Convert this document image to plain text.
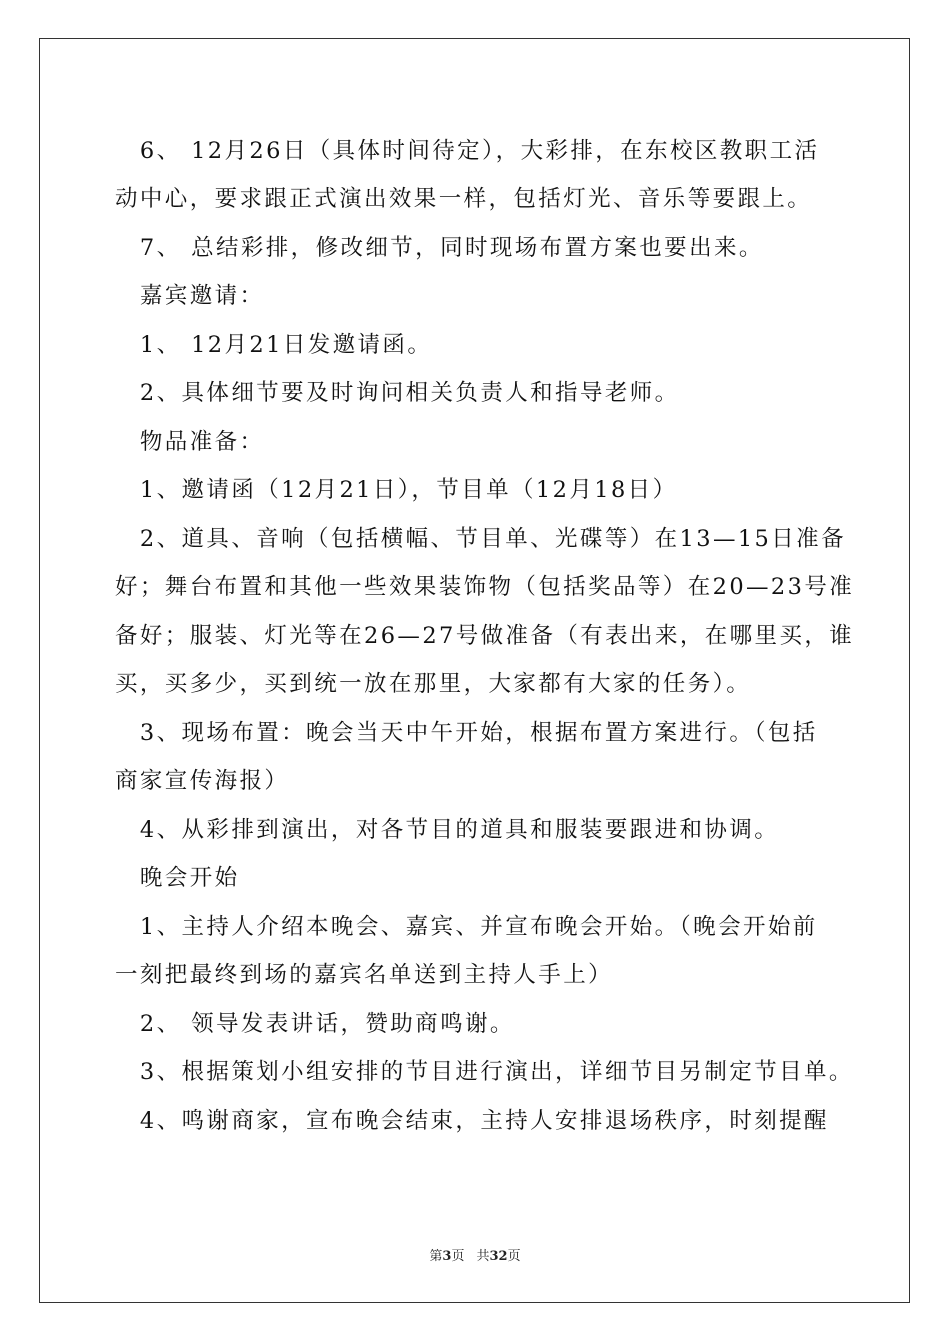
　6、 12月26日（具体时间待定），大彩排，在东校区教职工活
动中心，要求跟正式演出效果一样，包括灯光、音乐等要跟上。
　7、 总结彩排，修改细节，同时现场布置方案也要出来。
　嘉宾邀请：
　1、 12月21日发邀请函。
　2、具体细节要及时询问相关负责人和指导老师。
　物品准备：
　1、邀请函（12月21日），节目单（12月18日）
　2、道具、音响（包括横幅、节目单、光碟等）在13—15日准备
好；舞台布置和其他一些效果装饰物（包括奖品等）在20—23号准
备好；服装、灯光等在26—27号做准备（有表出来，在哪里买，谁
买，买多少，买到统一放在那里，大家都有大家的任务）。
　3、现场布置：晚会当天中午开始，根据布置方案进行。（包括
商家宣传海报）
　4、从彩排到演出，对各节目的道具和服装要跟进和协调。
　晚会开始
　1、主持人介绍本晚会、嘉宾、并宣布晚会开始。（晚会开始前
一刻把最终到场的嘉宾名单送到主持人手上）
　2、 领导发表讲话，赞助商鸣谢。
　3、根据策划小组安排的节目进行演出，详细节目另制定节目单。
　4、鸣谢商家，宣布晚会结束，主持人安排退场秩序，时刻提醒
第3页 共32页
